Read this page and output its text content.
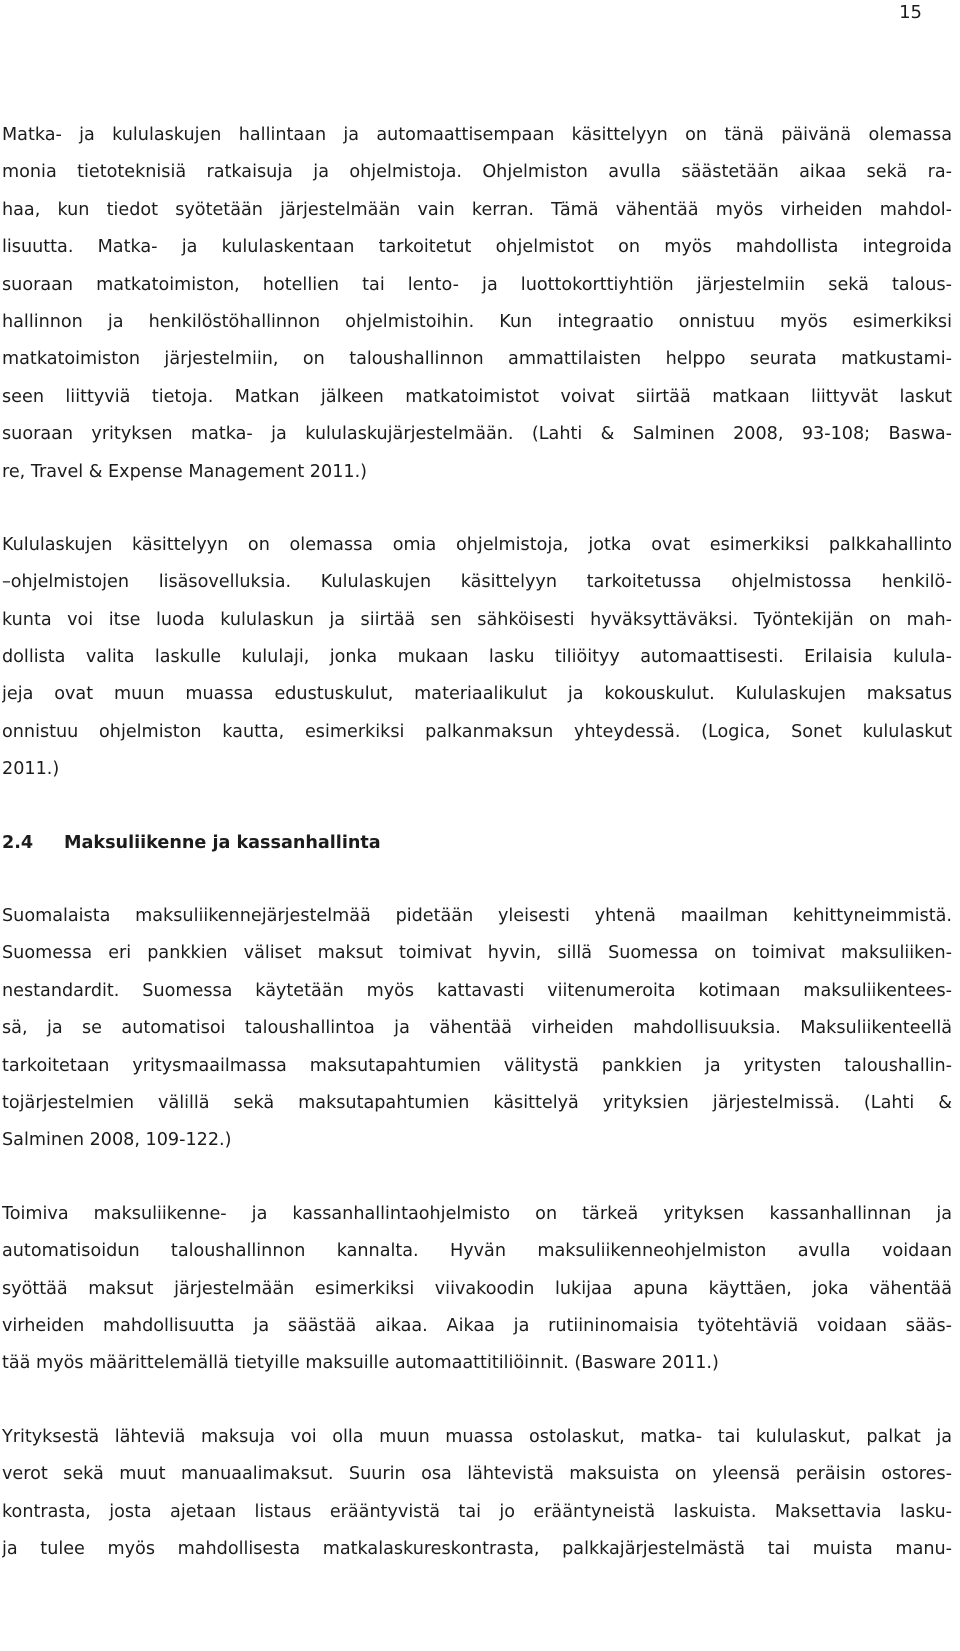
15

Matka- ja kululaskujen hallintaan ja automaattisempaan käsittelyyn on tänä päivänä olemassa
monia tietoteknisiä ratkaisuja ja ohjelmistoja. Ohjelmiston avulla säästetään aikaa sekä ra-
haa, kun tiedot syötetään järjestelmään vain kerran. Tämä vähentää myös virheiden mahdol-
lisuutta. Matka- ja kululaskentaan tarkoitetut ohjelmistot on myös mahdollista integroida
suoraan matkatoimiston, hotellien tai lento- ja luottokorttiyhtiön järjestelmiin sekä talous-
hallinnon ja henkilöstöhallinnon ohjelmistoihin. Kun integraatio onnistuu myös esimerkiksi
matkatoimiston järjestelmiin, on taloushallinnon ammattilaisten helppo seurata matkustami-
seen liittyviä tietoja. Matkan jälkeen matkatoimistot voivat siirtää matkaan liittyvät laskut
suoraan yrityksen matka- ja kululaskujärjestelmään. (Lahti & Salminen 2008, 93-108; Baswa-
re, Travel & Expense Management 2011.)

Kululaskujen käsittelyyn on olemassa omia ohjelmistoja, jotka ovat esimerkiksi palkkahallinto
–ohjelmistojen lisäsovelluksia. Kululaskujen käsittelyyn tarkoitetussa ohjelmistossa henkilö-
kunta voi itse luoda kululaskun ja siirtää sen sähköisesti hyväksyttäväksi. Työntekijän on mah-
dollista valita laskulle kululaji, jonka mukaan lasku tiliöityy automaattisesti. Erilaisia kulula-
jeja ovat muun muassa edustuskulut, materiaalikulut ja kokouskulut. Kululaskujen maksatus
onnistuu ohjelmiston kautta, esimerkiksi palkanmaksun yhteydessä. (Logica, Sonet kululaskut
2011.)

2.4	Maksuliikenne ja kassanhallinta

Suomalaista maksuliikennejärjestelmää pidetään yleisesti yhtenä maailman kehittyneimmistä.
Suomessa eri pankkien väliset maksut toimivat hyvin, sillä Suomessa on toimivat maksuliiken-
nestandardit. Suomessa käytetään myös kattavasti viitenumeroita kotimaan maksuliikentees-
sä, ja se automatisoi taloushallintoa ja vähentää virheiden mahdollisuuksia. Maksuliikenteellä
tarkoitetaan yritysmaailmassa maksutapahtumien välitystä pankkien ja yritysten taloushallin-
tojärjestelmien välillä sekä maksutapahtumien käsittelyä yrityksien järjestelmissä. (Lahti &
Salminen 2008, 109-122.)

Toimiva maksuliikenne- ja kassanhallintaohjelmisto on tärkeä yrityksen kassanhallinnan ja
automatisoidun taloushallinnon kannalta. Hyvän maksuliikenneohjelmiston avulla voidaan
syöttää maksut järjestelmään esimerkiksi viivakoodin lukijaa apuna käyttäen, joka vähentää
virheiden mahdollisuutta ja säästää aikaa. Aikaa ja rutiininomaisia työtehtäviä voidaan sääs-
tää myös määrittelemällä tietyille maksuille automaattitiliöinnit. (Basware 2011.)

Yrityksestä lähteviä maksuja voi olla muun muassa ostolaskut, matka- tai kululaskut, palkat ja
verot sekä muut manuaalimaksut. Suurin osa lähtevistä maksuista on yleensä peräisin ostores-
kontrasta, josta ajetaan listaus erääntyvistä tai jo erääntyneistä laskuista. Maksettavia lasku-
ja tulee myös mahdollisesta matkalaskureskontrasta, palkkajärjestelmästä tai muista manu-
